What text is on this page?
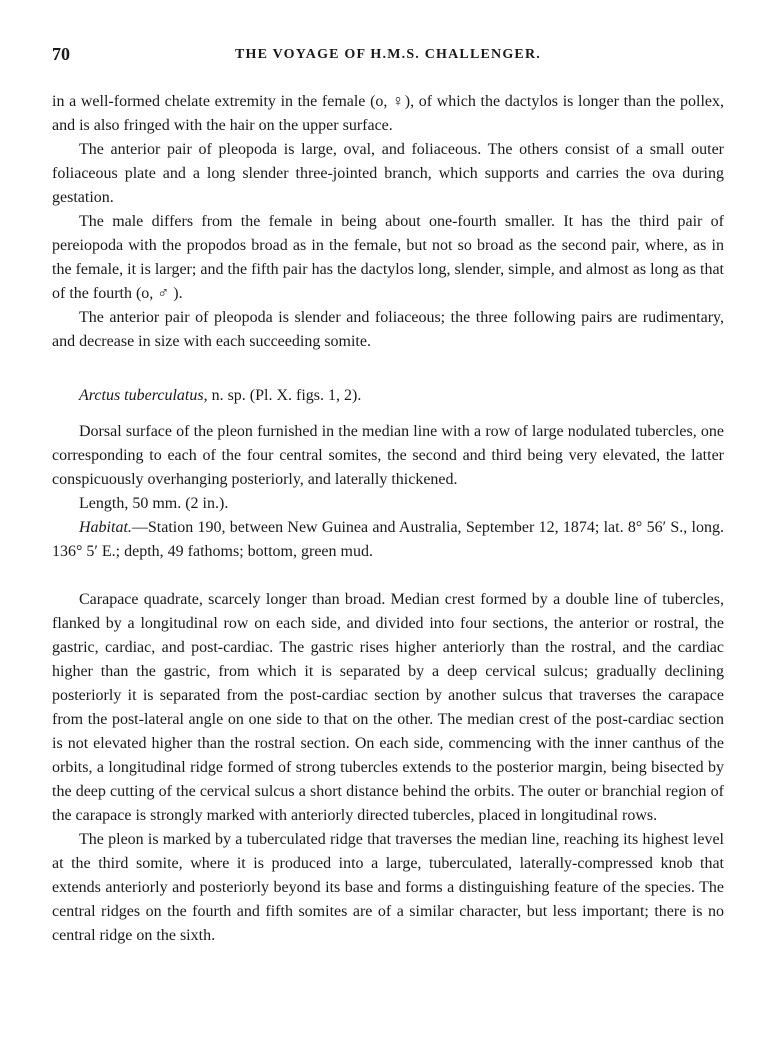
70	THE VOYAGE OF H.M.S. CHALLENGER.

in a well-formed chelate extremity in the female (o, ♀), of which the dactylos is longer than the pollex, and is also fringed with the hair on the upper surface.

The anterior pair of pleopoda is large, oval, and foliaceous. The others consist of a small outer foliaceous plate and a long slender three-jointed branch, which supports and carries the ova during gestation.

The male differs from the female in being about one-fourth smaller. It has the third pair of pereiopoda with the propodos broad as in the female, but not so broad as the second pair, where, as in the female, it is larger; and the fifth pair has the dactylos long, slender, simple, and almost as long as that of the fourth (o, ♂ ).

The anterior pair of pleopoda is slender and foliaceous; the three following pairs are rudimentary, and decrease in size with each succeeding somite.

Arctus tuberculatus, n. sp. (Pl. X. figs. 1, 2).

Dorsal surface of the pleon furnished in the median line with a row of large nodulated tubercles, one corresponding to each of the four central somites, the second and third being very elevated, the latter conspicuously overhanging posteriorly, and laterally thickened.

Length, 50 mm. (2 in.).

Habitat.—Station 190, between New Guinea and Australia, September 12, 1874; lat. 8° 56′ S., long. 136° 5′ E.; depth, 49 fathoms; bottom, green mud.

Carapace quadrate, scarcely longer than broad. Median crest formed by a double line of tubercles, flanked by a longitudinal row on each side, and divided into four sections, the anterior or rostral, the gastric, cardiac, and post-cardiac. The gastric rises higher anteriorly than the rostral, and the cardiac higher than the gastric, from which it is separated by a deep cervical sulcus; gradually declining posteriorly it is separated from the post-cardiac section by another sulcus that traverses the carapace from the post-lateral angle on one side to that on the other. The median crest of the post-cardiac section is not elevated higher than the rostral section. On each side, commencing with the inner canthus of the orbits, a longitudinal ridge formed of strong tubercles extends to the posterior margin, being bisected by the deep cutting of the cervical sulcus a short distance behind the orbits. The outer or branchial region of the carapace is strongly marked with anteriorly directed tubercles, placed in longitudinal rows.

The pleon is marked by a tuberculated ridge that traverses the median line, reaching its highest level at the third somite, where it is produced into a large, tuberculated, laterally-compressed knob that extends anteriorly and posteriorly beyond its base and forms a distinguishing feature of the species. The central ridges on the fourth and fifth somites are of a similar character, but less important; there is no central ridge on the sixth.
